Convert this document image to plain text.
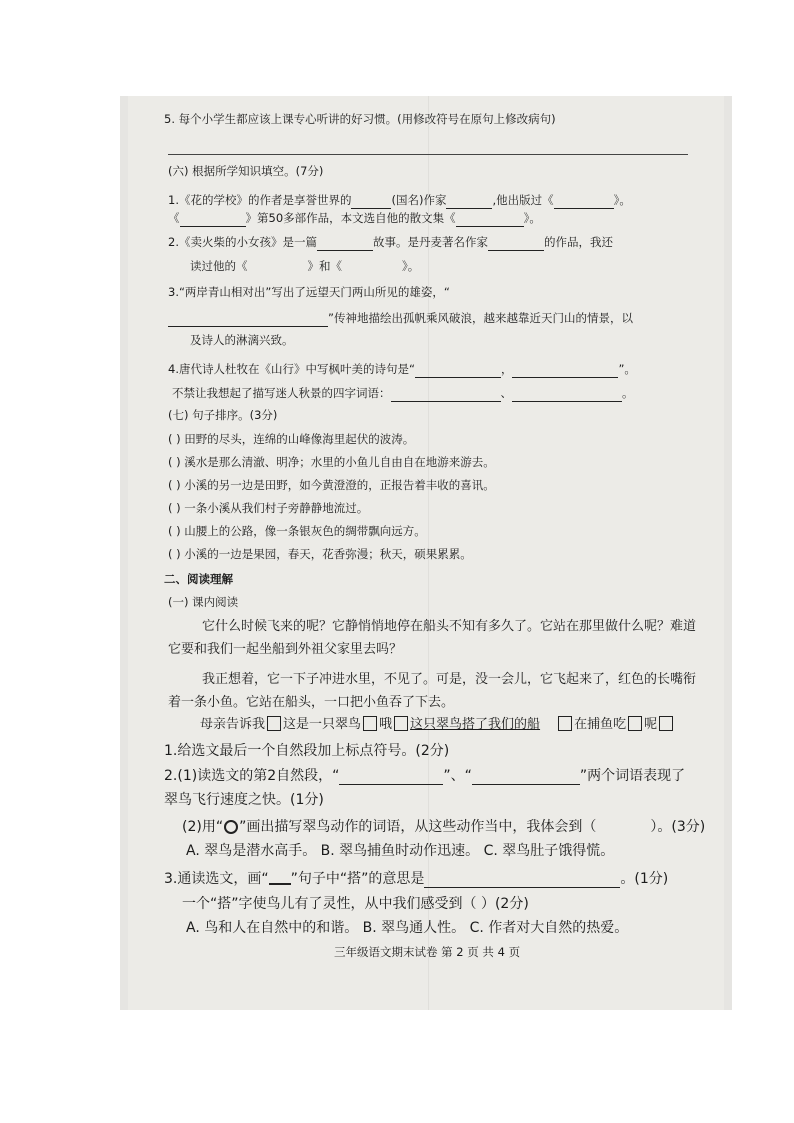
5. 每个小学生都应该上课专心听讲的好习惯。(用修改符号在原句上修改病句)
(六) 根据所学知识填空。(7分)
1.《花的学校》的作者是享誉世界的	(国名)作家	,他出版过《	》。
《	》第50多部作品，本文选自他的散文集《	》。
2.《卖火柴的小女孩》是一篇	故事。是丹麦著名作家	的作品，我还
读过他的《	》和《	》。
3.“两岸青山相对出”写出了远望天门两山所见的雄姿，“
”传神地描绘出孤帆乘风破浪，越来越靠近天门山的情景，以
及诗人的淋漓兴致。
4.唐代诗人杜牧在《山行》中写枫叶美的诗句是“	，	”。
不禁让我想起了描写迷人秋景的四字词语：	、	。
(七) 句子排序。(3分)
( ) 田野的尽头，连绵的山峰像海里起伏的波涛。
( ) 溪水是那么清澈、明净；水里的小鱼儿自由自在地游来游去。
( ) 小溪的另一边是田野，如今黄澄澄的，正报告着丰收的喜讯。
( ) 一条小溪从我们村子旁静静地流过。
( ) 山腰上的公路，像一条银灰色的绸带飘向远方。
( ) 小溪的一边是果园，春天，花香弥漫；秋天，硕果累累。
二、阅读理解
(一) 课内阅读
它什么时候飞来的呢？它静悄悄地停在船头不知有多久了。它站在那里做什么呢？难道
它要和我们一起坐船到外祖父家里去吗？
我正想着，它一下子冲进水里，不见了。可是，没一会儿，它飞起来了，红色的长嘴衔
着一条小鱼。它站在船头，一口把小鱼吞了下去。
母亲告诉我 这是一只翠鸟 哦 这只翠鸟搭了我们的船	在捕鱼吃 呢
1.给选文最后一个自然段加上标点符号。(2分)
2.(1)读选文的第2自然段，“	”、“	”两个词语表现了
翠鸟飞行速度之快。(1分)
(2)用“○”画出描写翠鸟动作的词语，从这些动作当中，我体会到（	）。(3分)
A. 翠鸟是潜水高手。 B. 翠鸟捕鱼时动作迅速。 C. 翠鸟肚子饿得慌。
3.通读选文，画“ ”句子中“搭”的意思是	。(1分)
一个“搭”字使鸟儿有了灵性，从中我们感受到（ ）(2分)
A. 鸟和人在自然中的和谐。 B. 翠鸟通人性。 C. 作者对大自然的热爱。
三年级语文期末试卷 第 2 页 共 4 页
